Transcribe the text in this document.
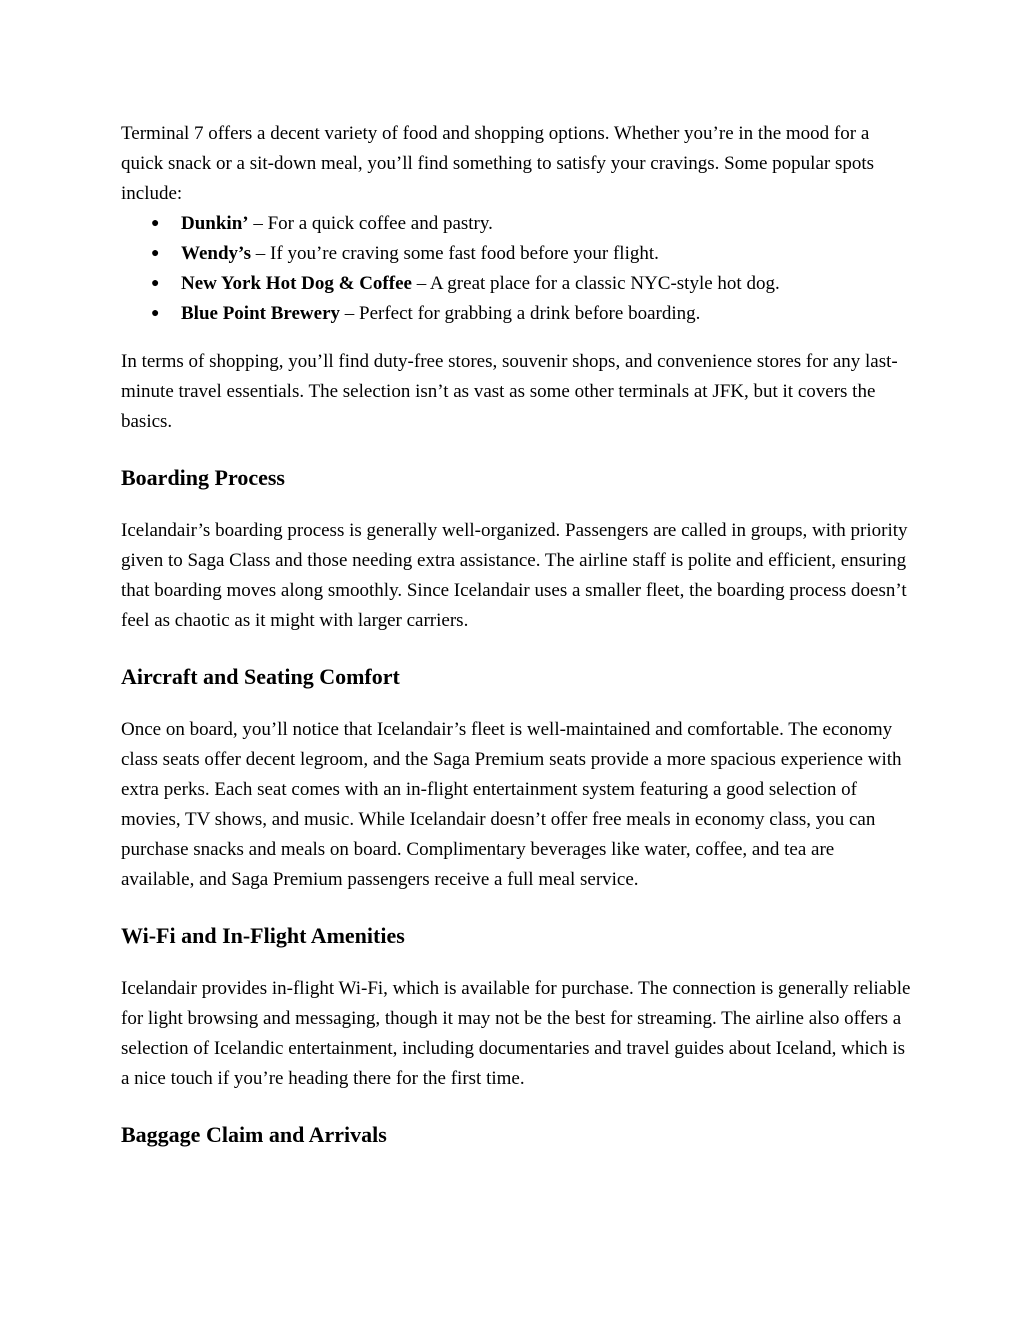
Terminal 7 offers a decent variety of food and shopping options. Whether you’re in the mood for a quick snack or a sit-down meal, you’ll find something to satisfy your cravings. Some popular spots include:

● Dunkin’ – For a quick coffee and pastry.
● Wendy’s – If you’re craving some fast food before your flight.
● New York Hot Dog & Coffee – A great place for a classic NYC-style hot dog.
● Blue Point Brewery – Perfect for grabbing a drink before boarding.

In terms of shopping, you’ll find duty-free stores, souvenir shops, and convenience stores for any last-minute travel essentials. The selection isn’t as vast as some other terminals at JFK, but it covers the basics.

Boarding Process

Icelandair’s boarding process is generally well-organized. Passengers are called in groups, with priority given to Saga Class and those needing extra assistance. The airline staff is polite and efficient, ensuring that boarding moves along smoothly. Since Icelandair uses a smaller fleet, the boarding process doesn’t feel as chaotic as it might with larger carriers.

Aircraft and Seating Comfort

Once on board, you’ll notice that Icelandair’s fleet is well-maintained and comfortable. The economy class seats offer decent legroom, and the Saga Premium seats provide a more spacious experience with extra perks. Each seat comes with an in-flight entertainment system featuring a good selection of movies, TV shows, and music. While Icelandair doesn’t offer free meals in economy class, you can purchase snacks and meals on board. Complimentary beverages like water, coffee, and tea are available, and Saga Premium passengers receive a full meal service.

Wi-Fi and In-Flight Amenities

Icelandair provides in-flight Wi-Fi, which is available for purchase. The connection is generally reliable for light browsing and messaging, though it may not be the best for streaming. The airline also offers a selection of Icelandic entertainment, including documentaries and travel guides about Iceland, which is a nice touch if you’re heading there for the first time.

Baggage Claim and Arrivals
